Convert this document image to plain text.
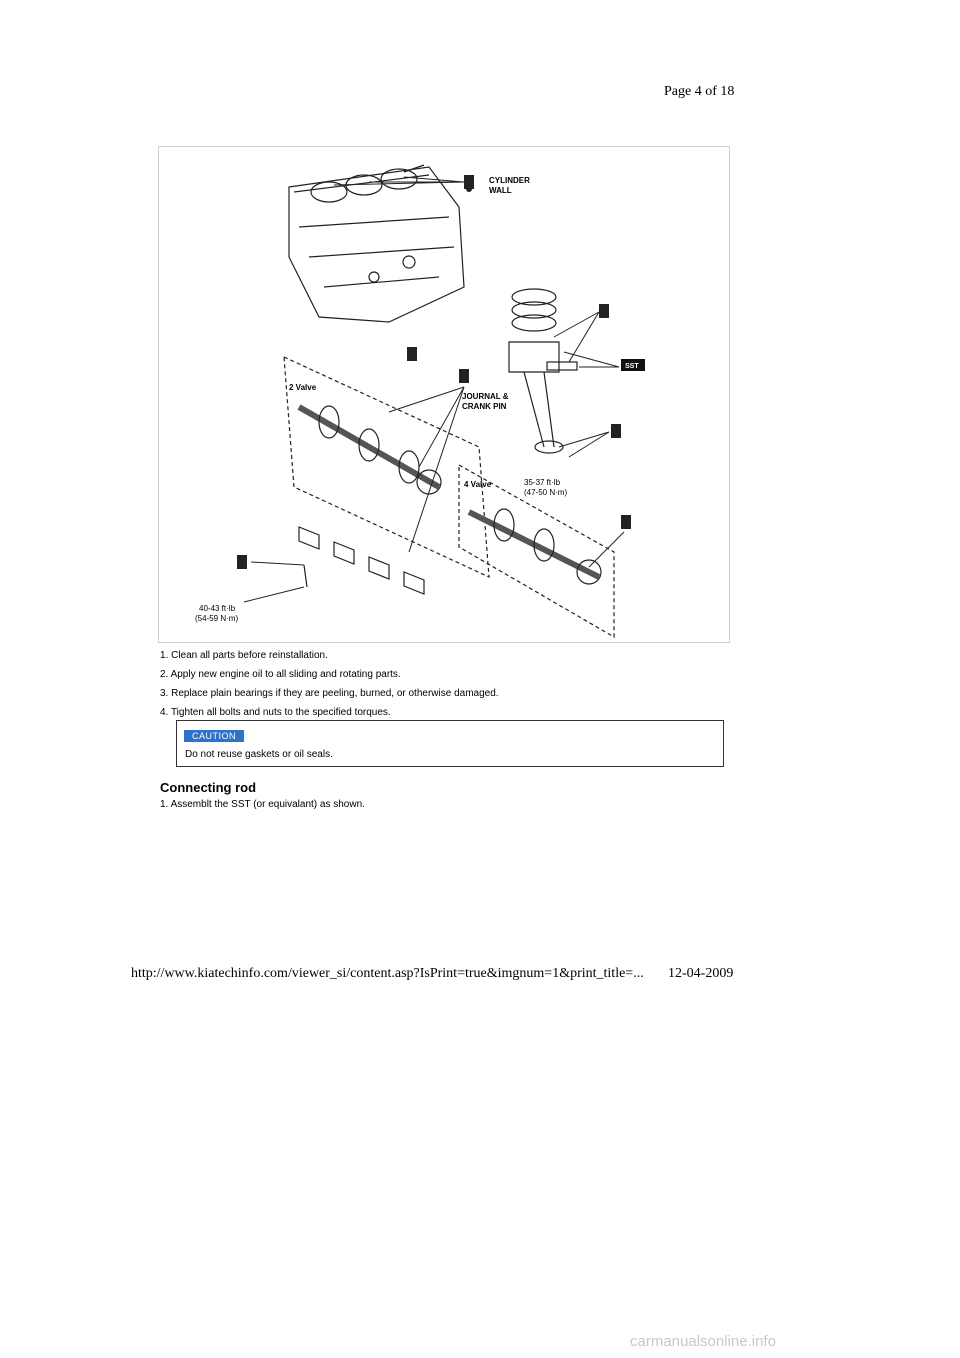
Page 4 of 18
CYLINDER
WALL
SST
2 Valve
JOURNAL &
CRANK PIN
4 Valve	35-37 ft·lb
(47-50 N·m)
40-43 ft·lb
(54-59 N·m)
1. Clean all parts before reinstallation.
2. Apply new engine oil to all sliding and rotating parts.
3. Replace plain bearings if they are peeling, burned, or otherwise damaged.
4. Tighten all bolts and nuts to the specified torques.
CAUTION
Do not reuse gaskets or oil seals.
Connecting rod
1. Assemblt the SST (or equivalant) as shown.
http://www.kiatechinfo.com/viewer_si/content.asp?IsPrint=true&imgnum=1&print_title=... 12-04-2009
carmanualsonline.info
